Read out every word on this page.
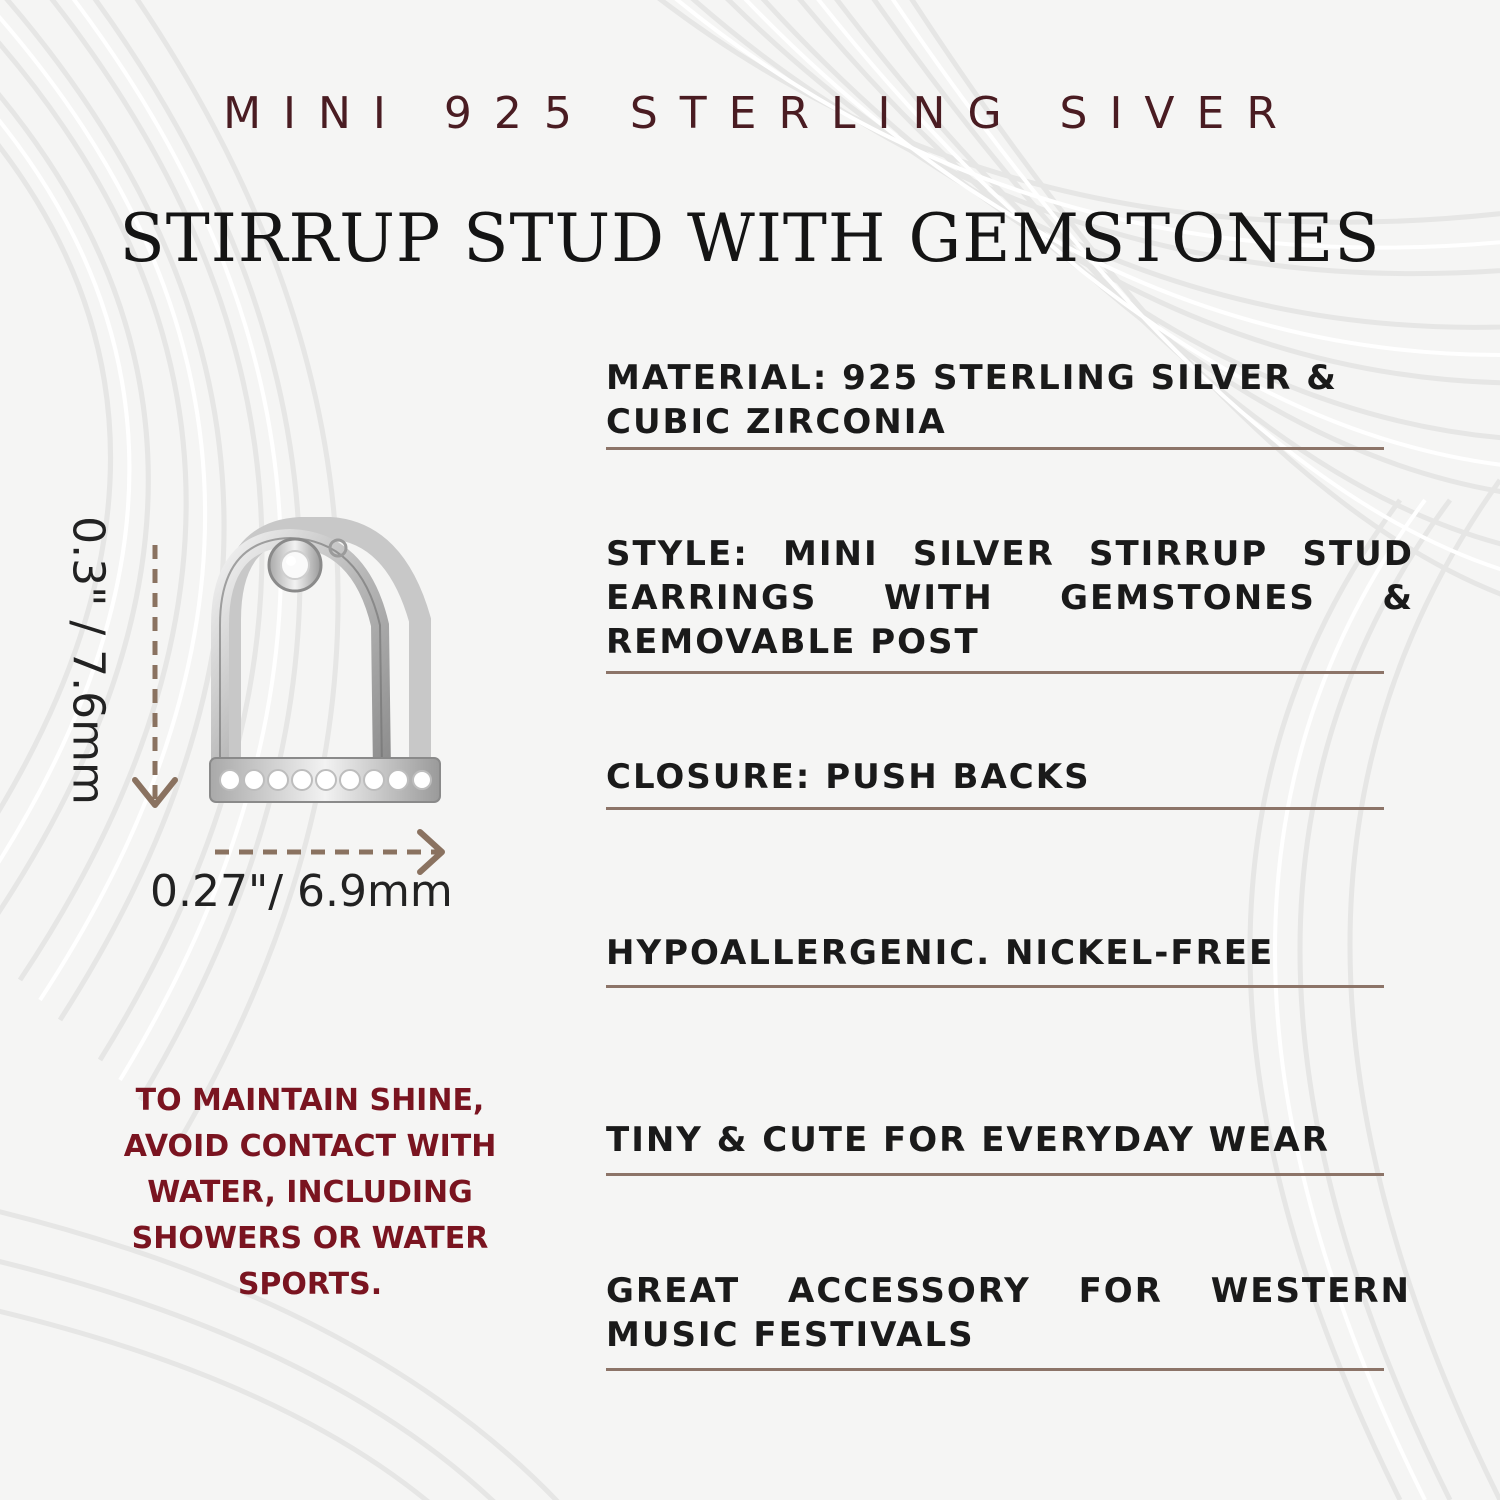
MINI 925 STERLING SIVER
STIRRUP STUD WITH GEMSTONES
0.3" / 7.6mm
0.27"/ 6.9mm
MATERIAL: 925 STERLING SILVER & CUBIC ZIRCONIA
STYLE: MINI SILVER STIRRUP STUD EARRINGS WITH GEMSTONES & REMOVABLE POST
CLOSURE: PUSH BACKS
HYPOALLERGENIC. NICKEL-FREE
TINY & CUTE FOR EVERYDAY WEAR
GREAT ACCESSORY FOR WESTERN MUSIC FESTIVALS
TO MAINTAIN SHINE, AVOID CONTACT WITH WATER, INCLUDING SHOWERS OR WATER SPORTS.
